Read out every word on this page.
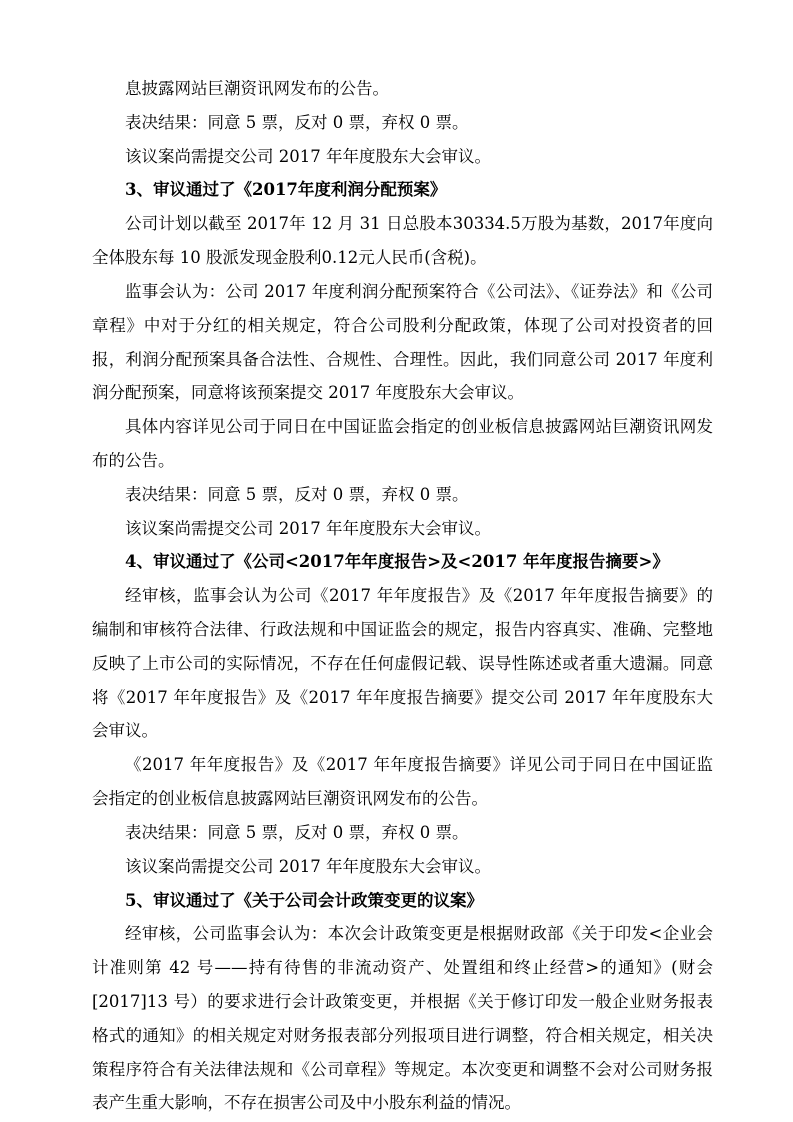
息披露网站巨潮资讯网发布的公告。

表决结果：同意 5 票，反对 0 票，弃权 0 票。

该议案尚需提交公司 2017 年年度股东大会审议。

3、审议通过了《2017年度利润分配预案》

公司计划以截至 2017年 12 月 31 日总股本30334.5万股为基数，2017年度向全体股东每 10 股派发现金股利0.12元人民币(含税)。

监事会认为：公司 2017 年度利润分配预案符合《公司法》、《证券法》和《公司章程》中对于分红的相关规定，符合公司股利分配政策，体现了公司对投资者的回报，利润分配预案具备合法性、合规性、合理性。因此，我们同意公司 2017 年度利润分配预案，同意将该预案提交 2017 年度股东大会审议。

具体内容详见公司于同日在中国证监会指定的创业板信息披露网站巨潮资讯网发布的公告。

表决结果：同意 5 票，反对 0 票，弃权 0 票。

该议案尚需提交公司 2017 年年度股东大会审议。

4、审议通过了《公司<2017年年度报告>及<2017 年年度报告摘要>》

经审核，监事会认为公司《2017 年年度报告》及《2017 年年度报告摘要》的编制和审核符合法律、行政法规和中国证监会的规定，报告内容真实、准确、完整地反映了上市公司的实际情况，不存在任何虚假记载、误导性陈述或者重大遗漏。同意将《2017 年年度报告》及《2017 年年度报告摘要》提交公司 2017 年年度股东大会审议。

《2017 年年度报告》及《2017 年年度报告摘要》详见公司于同日在中国证监会指定的创业板信息披露网站巨潮资讯网发布的公告。

表决结果：同意 5 票，反对 0 票，弃权 0 票。

该议案尚需提交公司 2017 年年度股东大会审议。

5、审议通过了《关于公司会计政策变更的议案》

经审核，公司监事会认为：本次会计政策变更是根据财政部《关于印发<企业会计准则第 42 号——持有待售的非流动资产、处置组和终止经营>的通知》(财会[2017]13 号）的要求进行会计政策变更，并根据《关于修订印发一般企业财务报表格式的通知》的相关规定对财务报表部分列报项目进行调整，符合相关规定，相关决策程序符合有关法律法规和《公司章程》等规定。本次变更和调整不会对公司财务报表产生重大影响，不存在损害公司及中小股东利益的情况。
